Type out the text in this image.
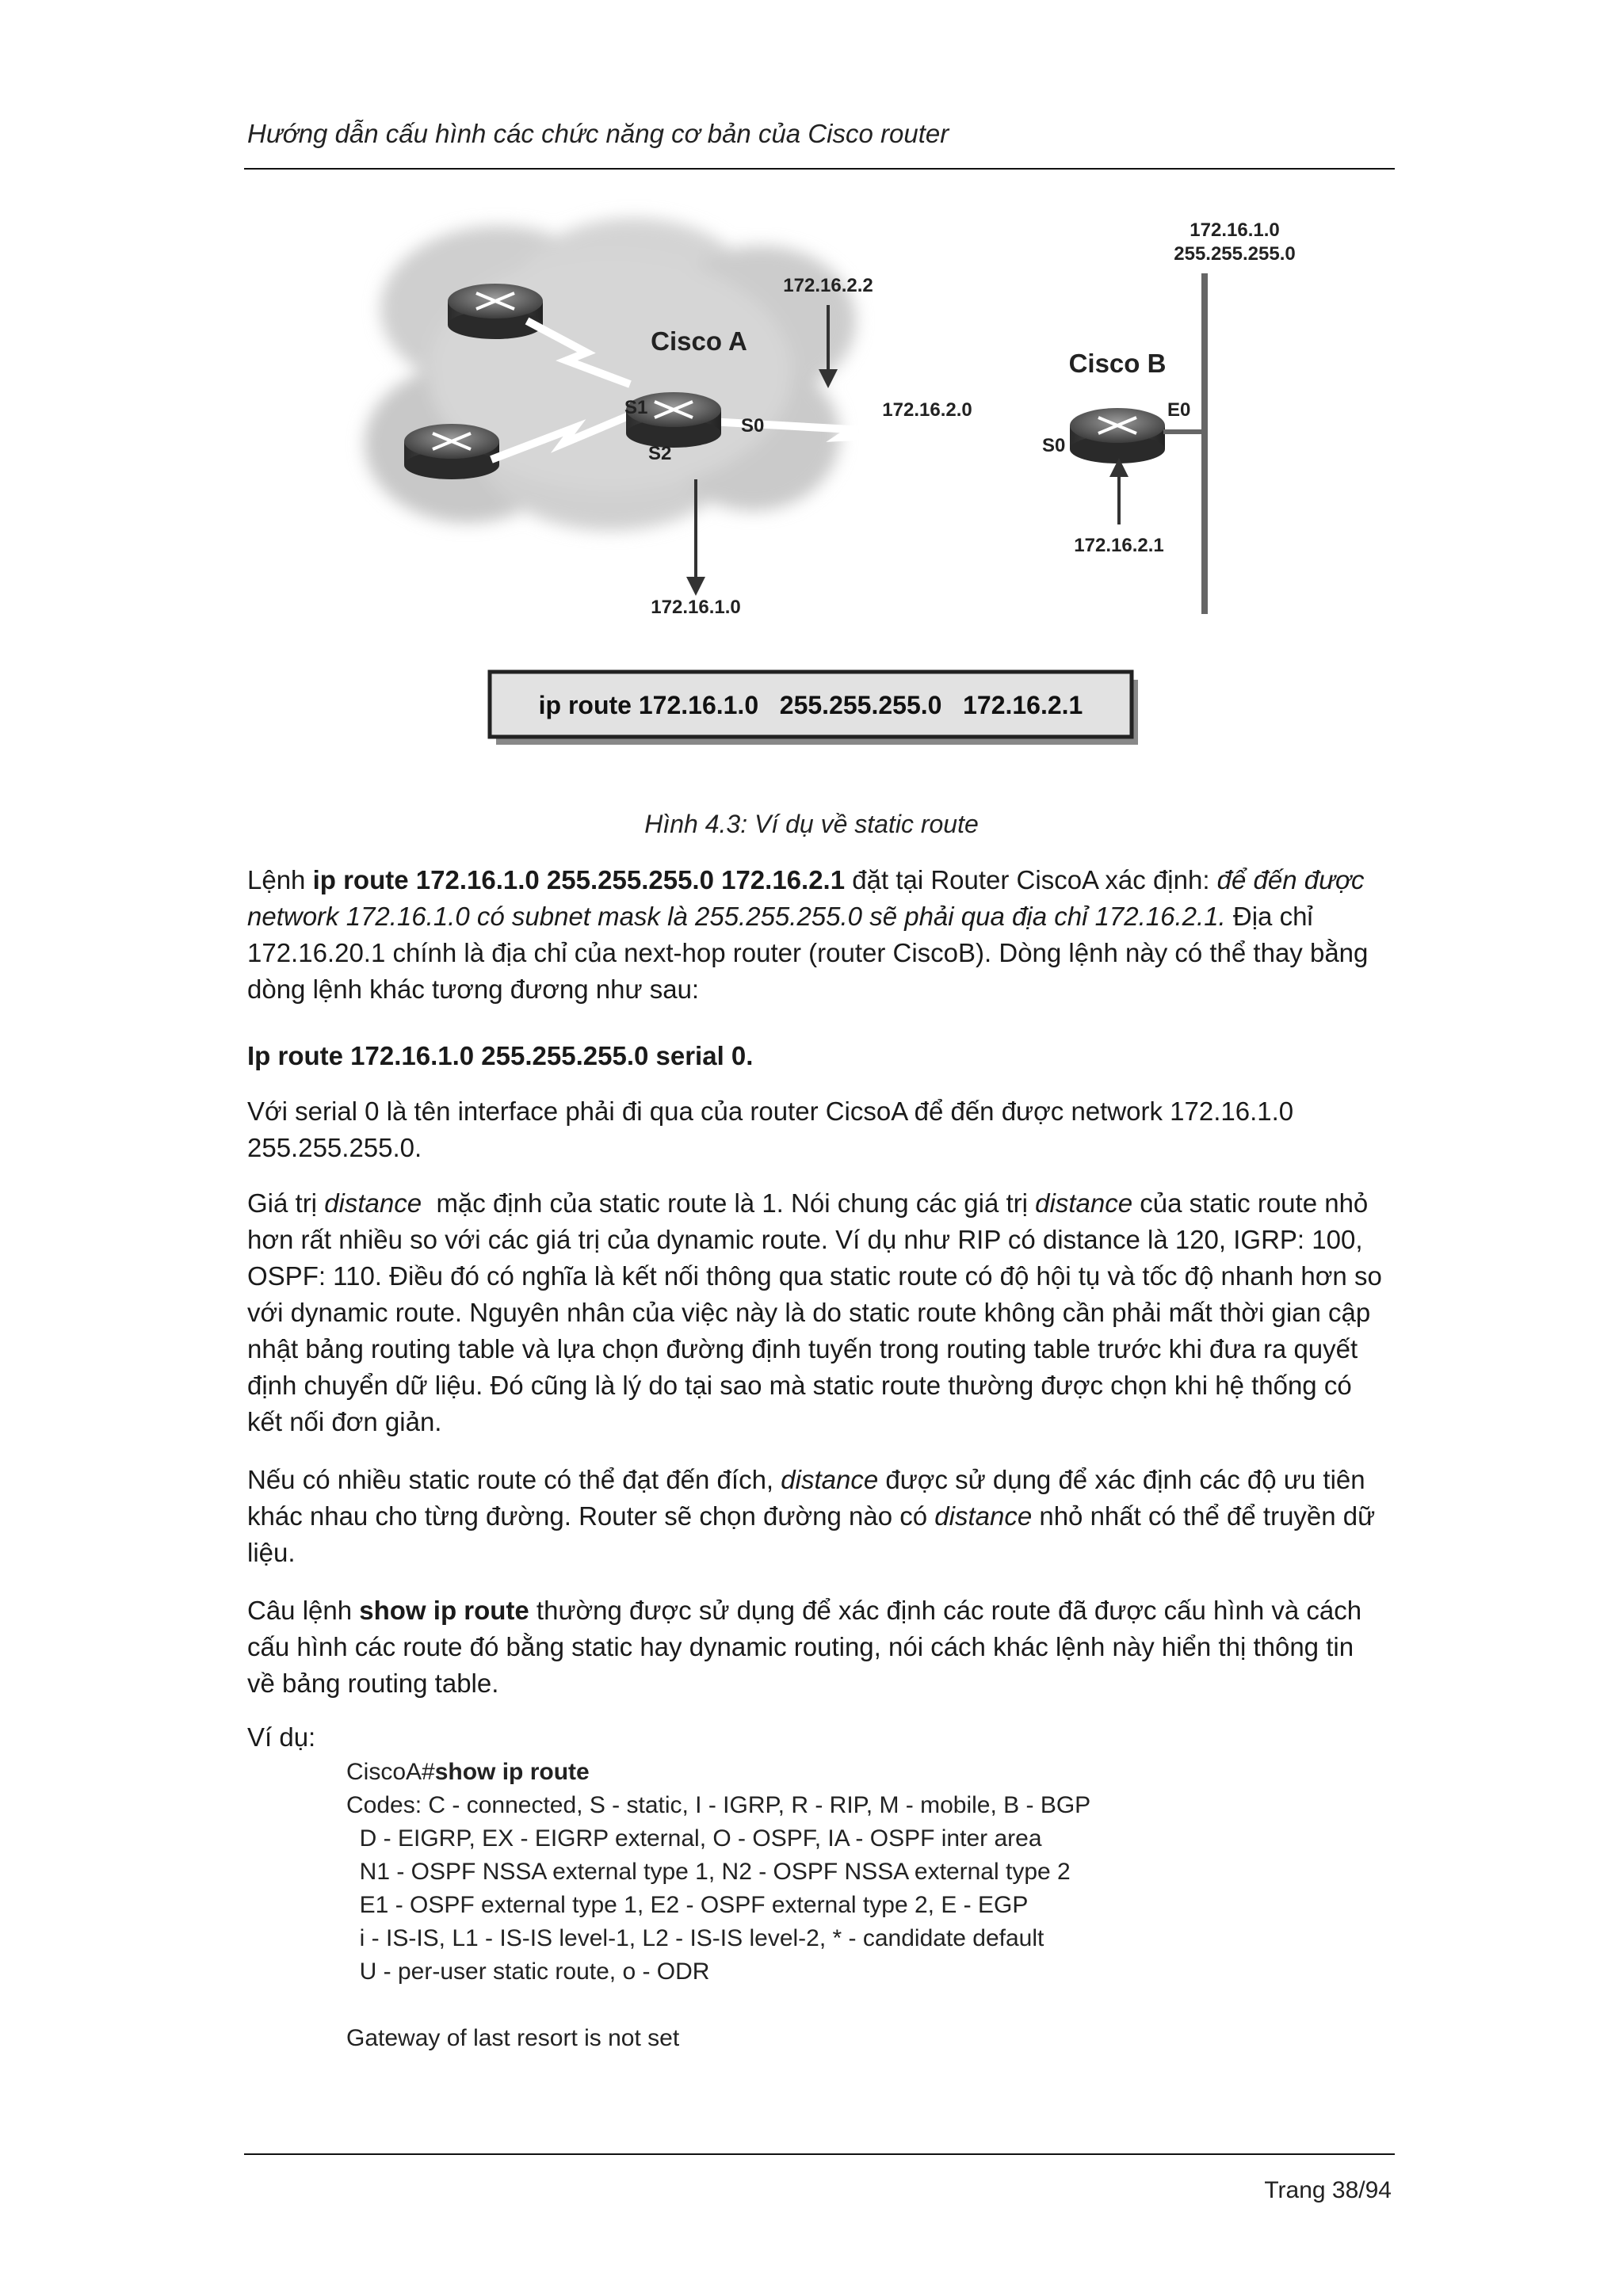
Hướng dẫn cấu hình các chức năng cơ bản của Cisco router
172.16.1.0
255.255.255.0
172.16.2.2
Cisco A
Cisco B
S1
S2
S0
172.16.2.0
S0
E0
172.16.2.1
172.16.1.0
ip route 172.16.1.0   255.255.255.0   172.16.2.1
Hình 4.3: Ví dụ về static route

Lệnh ip route 172.16.1.0 255.255.255.0 172.16.2.1 đặt tại Router CiscoA xác định: để đến được network 172.16.1.0 có subnet mask là 255.255.255.0 sẽ phải qua địa chỉ 172.16.2.1. Địa chỉ 172.16.20.1 chính là địa chỉ của next-hop router (router CiscoB). Dòng lệnh này có thể thay bằng dòng lệnh khác tương đương như sau:

Ip route 172.16.1.0 255.255.255.0 serial 0.

Với serial 0 là tên interface phải đi qua của router CicsoA để đến được network 172.16.1.0 255.255.255.0.

Giá trị distance  mặc định của static route là 1. Nói chung các giá trị distance của static route nhỏ hơn rất nhiều so với các giá trị của dynamic route. Ví dụ như RIP có distance là 120, IGRP: 100, OSPF: 110. Điều đó có nghĩa là kết nối thông qua static route có độ hội tụ và tốc độ nhanh hơn so với dynamic route. Nguyên nhân của việc này là do static route không cần phải mất thời gian cập nhật bảng routing table và lựa chọn đường định tuyến trong routing table trước khi đưa ra quyết định chuyển dữ liệu. Đó cũng là lý do tại sao mà static route thường được chọn khi hệ thống có kết nối đơn giản.

Nếu có nhiều static route có thể đạt đến đích, distance được sử dụng để xác định các độ ưu tiên khác nhau cho từng đường. Router sẽ chọn đường nào có distance nhỏ nhất có thể để truyền dữ liệu.

Câu lệnh show ip route thường được sử dụng để xác định các route đã được cấu hình và cách cấu hình các route đó bằng static hay dynamic routing, nói cách khác lệnh này hiển thị thông tin về bảng routing table.

Ví dụ:

CiscoA#show ip route
Codes: C - connected, S - static, I - IGRP, R - RIP, M - mobile, B - BGP
D - EIGRP, EX - EIGRP external, O - OSPF, IA - OSPF inter area
N1 - OSPF NSSA external type 1, N2 - OSPF NSSA external type 2
E1 - OSPF external type 1, E2 - OSPF external type 2, E - EGP
i - IS-IS, L1 - IS-IS level-1, L2 - IS-IS level-2, * - candidate default
U - per-user static route, o - ODR
Gateway of last resort is not set
Trang 38/94
